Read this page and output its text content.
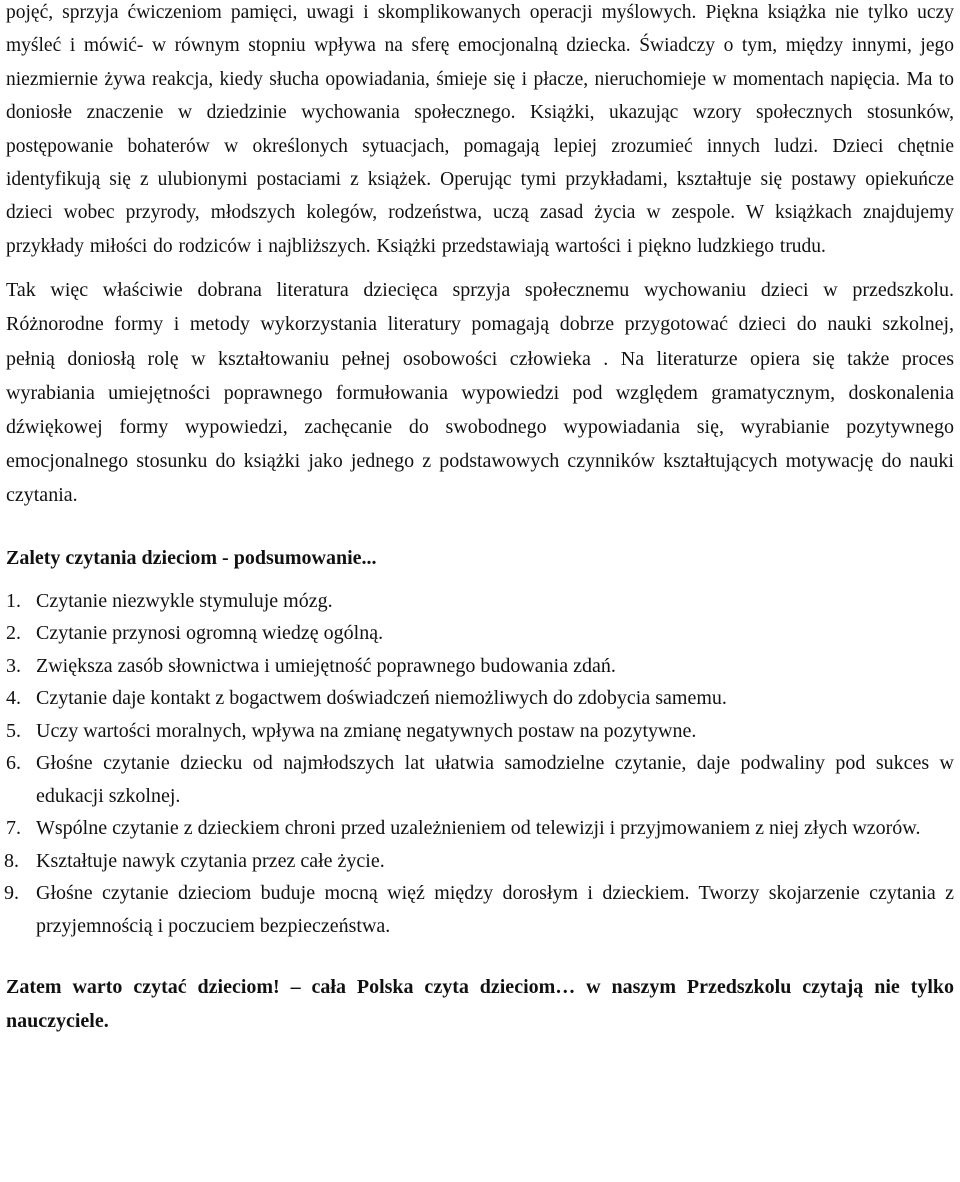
pojęć, sprzyja ćwiczeniom pamięci, uwagi i skomplikowanych operacji myślowych. Piękna książka nie tylko uczy myśleć i mówić- w równym stopniu wpływa na sferę emocjonalną dziecka. Świadczy o tym, między innymi, jego niezmiernie żywa reakcja, kiedy słucha opowiadania, śmieje się i płacze, nieruchomieje w momentach napięcia. Ma to doniosłe znaczenie w dziedzinie wychowania społecznego. Książki, ukazując wzory społecznych stosunków, postępowanie bohaterów w określonych sytuacjach, pomagają lepiej zrozumieć innych ludzi. Dzieci chętnie identyfikują się z ulubionymi postaciami z książek. Operując tymi przykładami, kształtuje się postawy opiekuńcze dzieci wobec przyrody, młodszych kolegów, rodzeństwa, uczą zasad życia w zespole. W książkach znajdujemy przykłady miłości do rodziców i najbliższych. Książki przedstawiają wartości i piękno ludzkiego trudu.

Tak więc właściwie dobrana literatura dziecięca sprzyja społecznemu wychowaniu dzieci w przedszkolu. Różnorodne formy i metody wykorzystania literatury pomagają dobrze przygotować dzieci do nauki szkolnej, pełnią doniosłą rolę w kształtowaniu pełnej osobowości człowieka . Na literaturze opiera się także proces wyrabiania umiejętności poprawnego formułowania wypowiedzi pod względem gramatycznym, doskonalenia dźwiękowej formy wypowiedzi, zachęcanie do swobodnego wypowiadania się, wyrabianie pozytywnego emocjonalnego stosunku do książki jako jednego z podstawowych czynników kształtujących motywację do nauki czytania.

Zalety czytania dzieciom - podsumowanie...
1. Czytanie niezwykle stymuluje mózg.
2. Czytanie przynosi ogromną wiedzę ogólną.
3. Zwiększa zasób słownictwa i umiejętność poprawnego budowania zdań.
4. Czytanie daje kontakt z bogactwem doświadczeń niemożliwych do zdobycia samemu.
5. Uczy wartości moralnych, wpływa na zmianę negatywnych postaw na pozytywne.
6. Głośne czytanie dziecku od najmłodszych lat ułatwia samodzielne czytanie, daje podwaliny pod sukces w edukacji szkolnej.
7. Wspólne czytanie z dzieckiem chroni przed uzależnieniem od telewizji i przyjmowaniem z niej złych wzorów.
8. Kształtuje nawyk czytania przez całe życie.
9. Głośne czytanie dzieciom buduje mocną więź między dorosłym i dzieckiem. Tworzy skojarzenie czytania z przyjemnością i poczuciem bezpieczeństwa.

Zatem warto czytać dzieciom! – cała Polska czyta dzieciom… w naszym Przedszkolu czytają nie tylko nauczyciele.
